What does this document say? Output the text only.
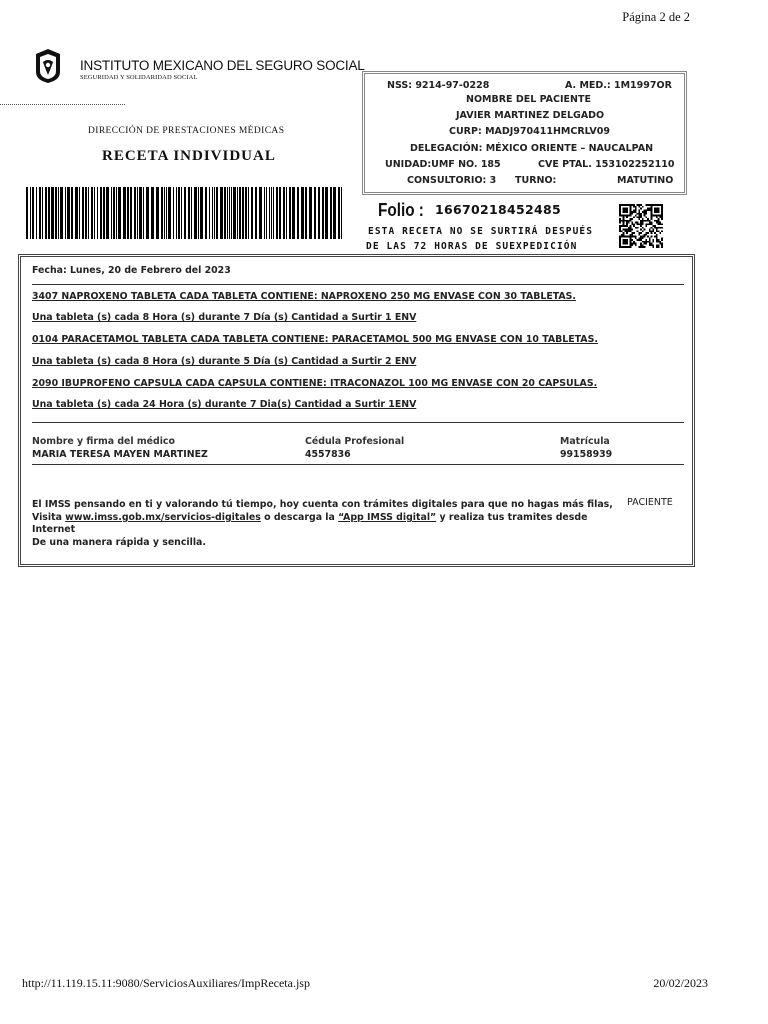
Página 2 de 2
INSTITUTO MEXICANO DEL SEGURO SOCIAL
SEGURIDAD Y SOLIDARIDAD SOCIAL
DIRECCIÓN DE PRESTACIONES MÉDICAS
RECETA INDIVIDUAL
NSS: 9214-97-0228	A. MED.: 1M1997OR
NOMBRE DEL PACIENTE
JAVIER MARTINEZ DELGADO
CURP: MADJ970411HMCRLV09
DELEGACIÓN: MÉXICO ORIENTE – NAUCALPAN
UNIDAD:UMF NO. 185	CVE PTAL. 153102252110
CONSULTORIO: 3 TURNO:	MATUTINO
Folio : 16670218452485
ESTA RECETA NO SE SURTIRÁ DESPUÉS
DE LAS 72 HORAS DE SUEXPEDICIÓN
Fecha: Lunes, 20 de Febrero del 2023
3407 NAPROXENO TABLETA CADA TABLETA CONTIENE: NAPROXENO 250 MG ENVASE CON 30 TABLETAS.
Una tableta (s) cada 8 Hora (s) durante 7 Día (s) Cantidad a Surtir 1 ENV
0104 PARACETAMOL TABLETA CADA TABLETA CONTIENE: PARACETAMOL 500 MG ENVASE CON 10 TABLETAS.
Una tableta (s) cada 8 Hora (s) durante 5 Día (s) Cantidad a Surtir 2 ENV
2090 IBUPROFENO CAPSULA CADA CAPSULA CONTIENE: ITRACONAZOL 100 MG ENVASE CON 20 CAPSULAS.
Una tableta (s) cada 24 Hora (s) durante 7 Dia(s) Cantidad a Surtir 1ENV
Nombre y firma del médico
MARIA TERESA MAYEN MARTINEZ
Cédula Profesional
4557836
Matrícula
99158939
El IMSS pensando en ti y valorando tú tiempo, hoy cuenta con trámites digitales para que no hagas más filas,
Visita www.imss.gob.mx/servicios-digitales o descarga la “App IMSS digital” y realiza tus tramites desde
Internet
De una manera rápida y sencilla.
PACIENTE
http://11.119.15.11:9080/ServiciosAuxiliares/ImpReceta.jsp	20/02/2023
